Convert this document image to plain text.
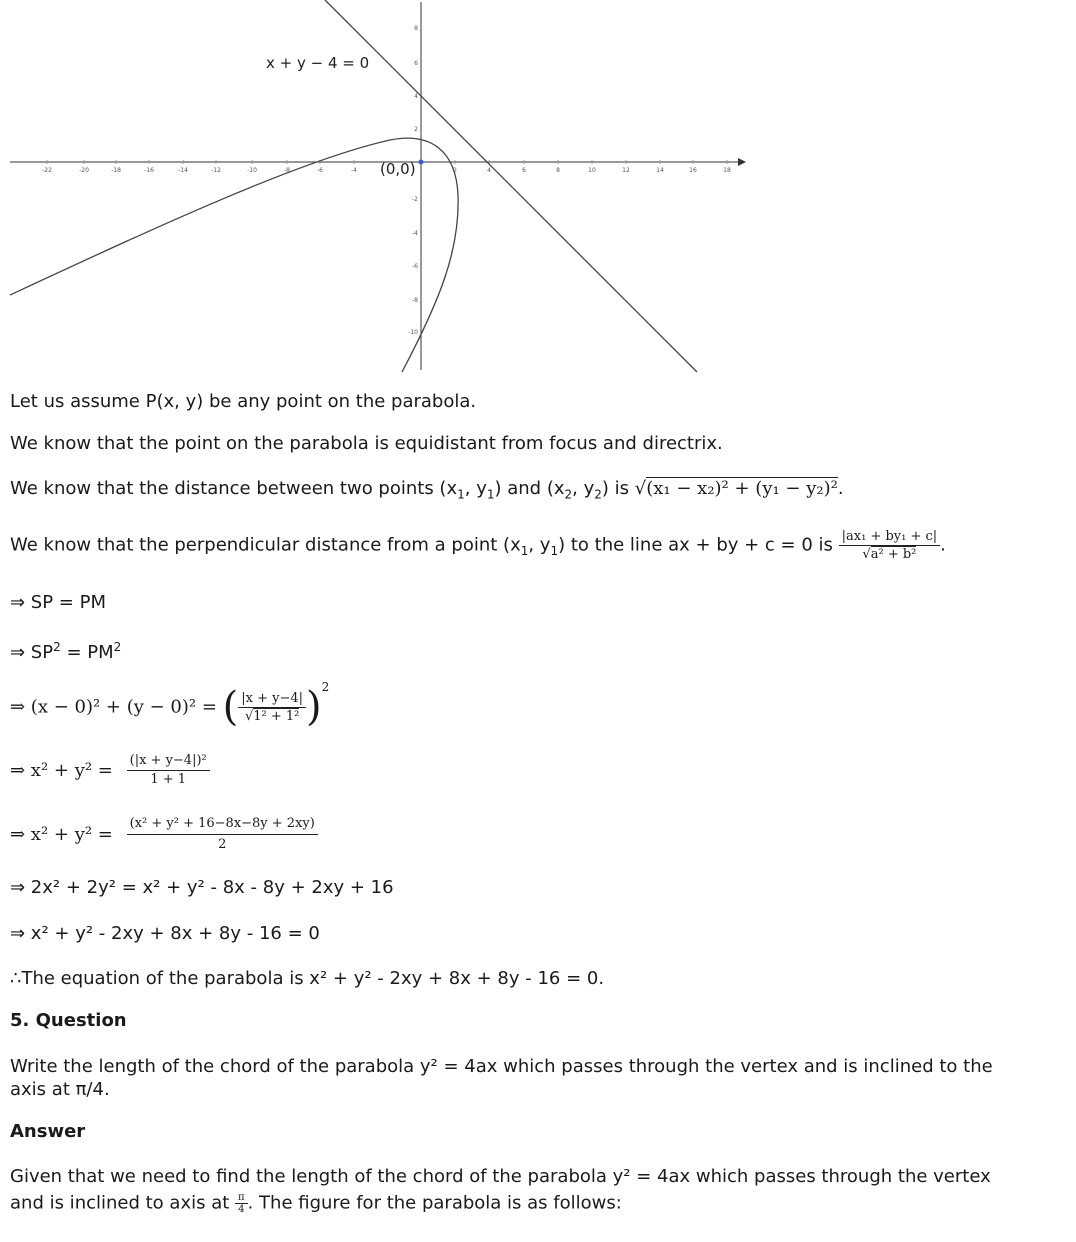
-22	-20	-18	-16	-14	-12	-10	-8	-6	-4	2	4	6	8	10	12	14	16	18
8
6
4
2
-2
-4
-6
-8
-10
x + y − 4 = 0
(0,0)
Let us assume P(x, y) be any point on the parabola.
We know that the point on the parabola is equidistant from focus and directrix.
We know that the distance between two points ($x_1$, $y_1$) and ($x_2$, $y_2$) is √(x₁ − x₂)² + (y₁ − y₂)².
We know that the perpendicular distance from a point ($x_1$, $y_1$) to the line ax + by + c = 0 is $\frac{\text{|ax₁ + by₁ + c|}}{\text{√a² + b²}}$ .
⇒ SP = PM
⇒ $SP^2 = PM^2$
⇒ (x − 0)² + (y − 0)² = ( $\frac{|x + y-4|}{\text{√1² + 1²}} )^2$
⇒ $x^2 + y^2 = \frac{\text{(|x + y−4|)²}}{1 + 1}$
⇒ $x^2 + y^2 = \frac{\text{(x² + y² + 16−8x−8y + 2xy)}}{2}$
⇒ 2x² + 2y² = x² + y² - 8x - 8y + 2xy + 16
⇒ x² + y² - 2xy + 8x + 8y - 16 = 0
∴The equation of the parabola is x² + y² - 2xy + 8x + 8y - 16 = 0.
5. Question
Write the length of the chord of the parabola y² = 4ax which passes through the vertex and is inclined to the
axis at π/4.
Answer
Given that we need to find the length of the chord of the parabola y² = 4ax which passes through the vertex
and is inclined to axis at $\frac{\pi}{4}$ . The figure for the parabola is as follows:
